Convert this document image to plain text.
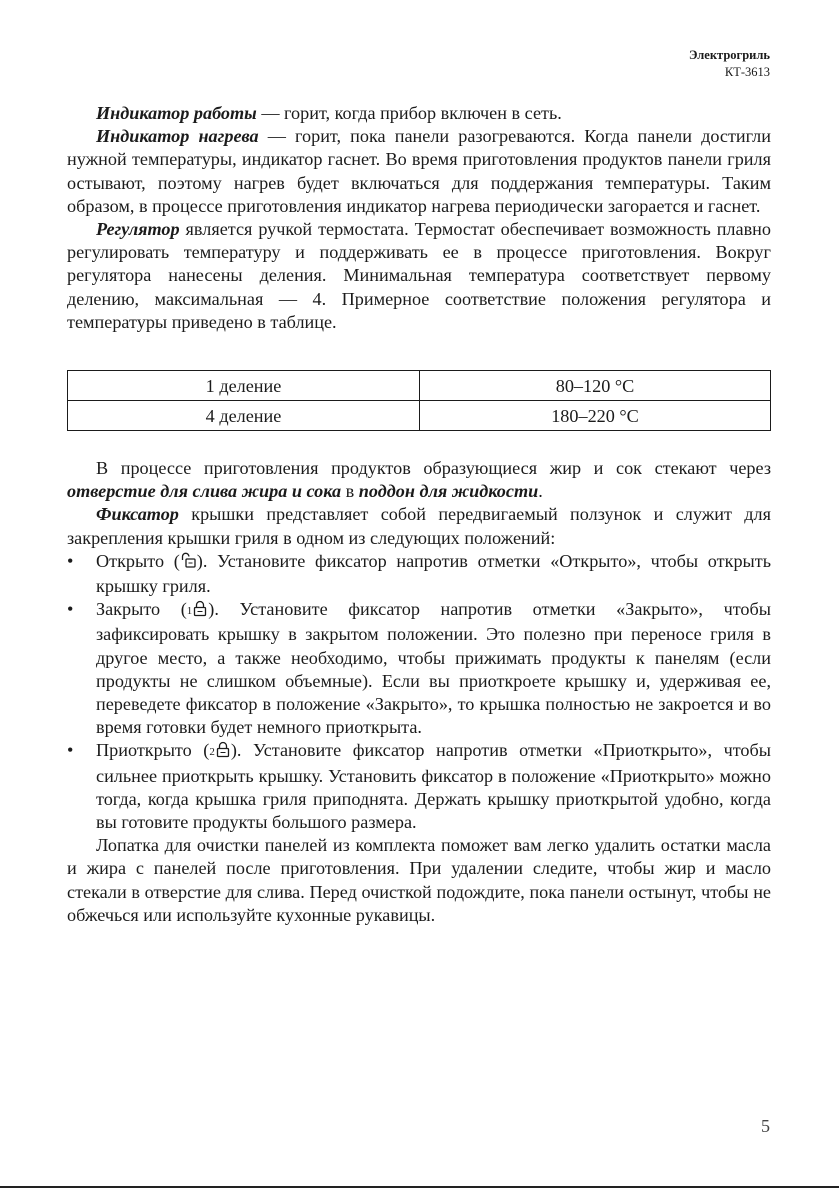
Электрогриль
КТ-3613

Индикатор работы — горит, когда прибор включен в сеть.

Индикатор нагрева — горит, пока панели разогреваются. Когда панели достигли нужной температуры, индикатор гаснет. Во время приготовления продуктов панели гриля остывают, поэтому нагрев будет включаться для поддержания температуры. Таким образом, в процессе приготовления индикатор нагрева периодически загорается и гаснет.

Регулятор является ручкой термостата. Термостат обеспечивает возможность плавно регулировать температуру и поддерживать ее в процессе приготовления. Вокруг регулятора нанесены деления. Минимальная температура соответствует первому делению, максимальная — 4. Примерное соответствие положения регулятора и температуры приведено в таблице.

1 деление	80–120 °С
4 деление	180–220 °С

В процессе приготовления продуктов образующиеся жир и сок стекают через отверстие для слива жира и сока в поддон для жидкости.

Фиксатор крышки представляет собой передвигаемый ползунок и служит для закрепления крышки гриля в одном из следующих положений:

• Открыто ( ). Установите фиксатор напротив отметки «Открыто», чтобы открыть крышку гриля.
• Закрыто (1 ). Установите фиксатор напротив отметки «Закрыто», чтобы зафиксировать крышку в закрытом положении. Это полезно при переносе гриля в другое место, а также необходимо, чтобы прижимать продукты к панелям (если продукты не слишком объемные). Если вы приоткроете крышку и, удерживая ее, переведете фиксатор в положение «Закрыто», то крышка полностью не закроется и во время готовки будет немного приоткрыта.
• Приоткрыто (2 ). Установите фиксатор напротив отметки «Приоткрыто», чтобы сильнее приоткрыть крышку. Установить фиксатор в положение «Приоткрыто» можно тогда, когда крышка гриля приподнята. Держать крышку приоткрытой удобно, когда вы готовите продукты большого размера.

Лопатка для очистки панелей из комплекта поможет вам легко удалить остатки масла и жира с панелей после приготовления. При удалении следите, чтобы жир и масло стекали в отверстие для слива. Перед очисткой подождите, пока панели остынут, чтобы не обжечься или используйте кухонные рукавицы.

5
